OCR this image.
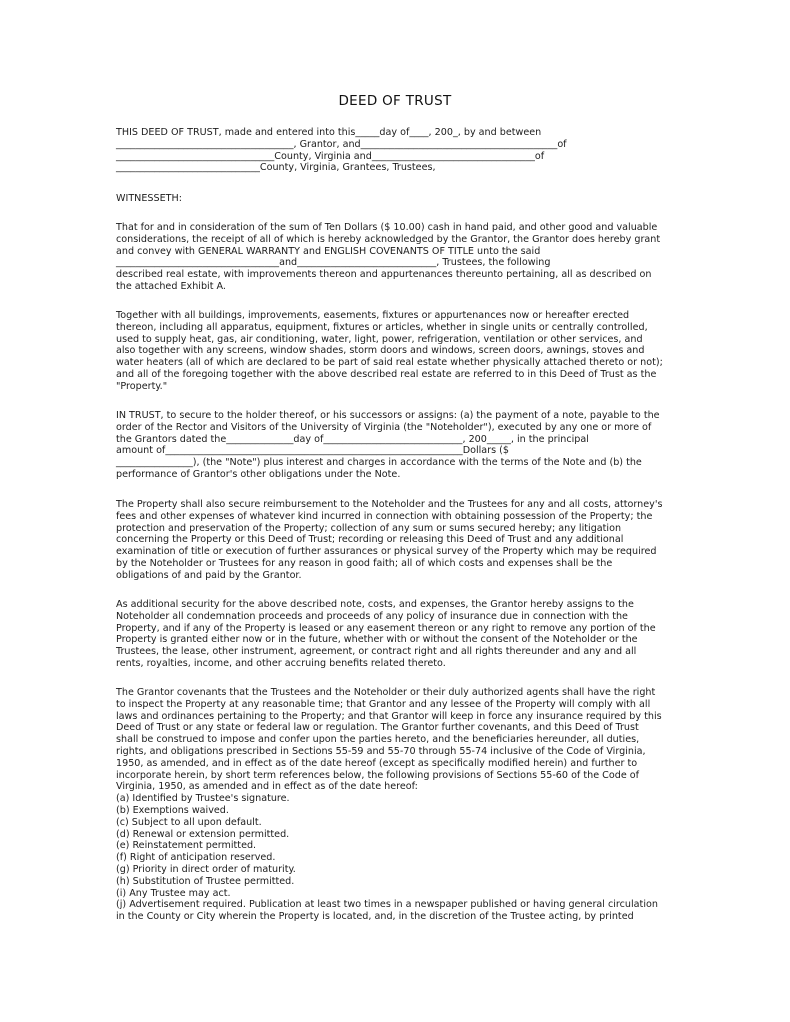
DEED OF TRUST
THIS DEED OF TRUST, made and entered into this_____day of____, 200_, by and between
_____________________________________, Grantor, and_________________________________________of
_________________________________County, Virginia and__________________________________of
______________________________County, Virginia, Grantees, Trustees,
WITNESSETH:
That for and in consideration of the sum of Ten Dollars ($ 10.00) cash in hand paid, and other good and valuable
considerations, the receipt of all of which is hereby acknowledged by the Grantor, the Grantor does hereby grant
and convey with GENERAL WARRANTY and ENGLISH COVENANTS OF TITLE unto the said
__________________________________and_____________________________, Trustees, the following
described real estate, with improvements thereon and appurtenances thereunto pertaining, all as described on
the attached Exhibit A.
Together with all buildings, improvements, easements, fixtures or appurtenances now or hereafter erected
thereon, including all apparatus, equipment, fixtures or articles, whether in single units or centrally controlled,
used to supply heat, gas, air conditioning, water, light, power, refrigeration, ventilation or other services, and
also together with any screens, window shades, storm doors and windows, screen doors, awnings, stoves and
water heaters (all of which are declared to be part of said real estate whether physically attached thereto or not);
and all of the foregoing together with the above described real estate are referred to in this Deed of Trust as the
"Property."
IN TRUST, to secure to the holder thereof, or his successors or assigns: (a) the payment of a note, payable to the
order of the Rector and Visitors of the University of Virginia (the "Noteholder"), executed by any one or more of
the Grantors dated the______________day of_____________________________, 200_____, in the principal
amount of______________________________________________________________Dollars ($
________________), (the "Note") plus interest and charges in accordance with the terms of the Note and (b) the
performance of Grantor's other obligations under the Note.
The Property shall also secure reimbursement to the Noteholder and the Trustees for any and all costs, attorney's
fees and other expenses of whatever kind incurred in connection with obtaining possession of the Property; the
protection and preservation of the Property; collection of any sum or sums secured hereby; any litigation
concerning the Property or this Deed of Trust; recording or releasing this Deed of Trust and any additional
examination of title or execution of further assurances or physical survey of the Property which may be required
by the Noteholder or Trustees for any reason in good faith; all of which costs and expenses shall be the
obligations of and paid by the Grantor.
As additional security for the above described note, costs, and expenses, the Grantor hereby assigns to the
Noteholder all condemnation proceeds and proceeds of any policy of insurance due in connection with the
Property, and if any of the Property is leased or any easement thereon or any right to remove any portion of the
Property is granted either now or in the future, whether with or without the consent of the Noteholder or the
Trustees, the lease, other instrument, agreement, or contract right and all rights thereunder and any and all
rents, royalties, income, and other accruing benefits related thereto.
The Grantor covenants that the Trustees and the Noteholder or their duly authorized agents shall have the right
to inspect the Property at any reasonable time; that Grantor and any lessee of the Property will comply with all
laws and ordinances pertaining to the Property; and that Grantor will keep in force any insurance required by this
Deed of Trust or any state or federal law or regulation. The Grantor further covenants, and this Deed of Trust
shall be construed to impose and confer upon the parties hereto, and the beneficiaries hereunder, all duties,
rights, and obligations prescribed in Sections 55-59 and 55-70 through 55-74 inclusive of the Code of Virginia,
1950, as amended, and in effect as of the date hereof (except as specifically modified herein) and further to
incorporate herein, by short term references below, the following provisions of Sections 55-60 of the Code of
Virginia, 1950, as amended and in effect as of the date hereof:
(a) Identified by Trustee's signature.
(b) Exemptions waived.
(c) Subject to all upon default.
(d) Renewal or extension permitted.
(e) Reinstatement permitted.
(f) Right of anticipation reserved.
(g) Priority in direct order of maturity.
(h) Substitution of Trustee permitted.
(i) Any Trustee may act.
(j) Advertisement required. Publication at least two times in a newspaper published or having general circulation
in the County or City wherein the Property is located, and, in the discretion of the Trustee acting, by printed
